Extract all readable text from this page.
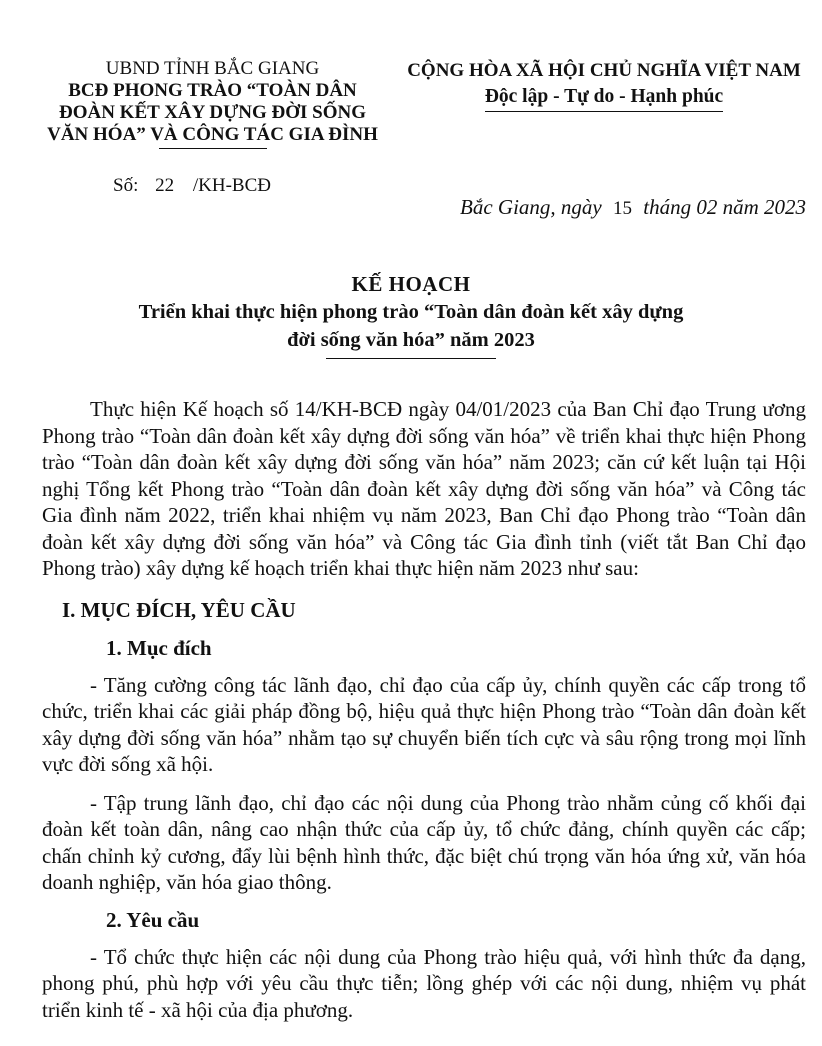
UBND TỈNH BẮC GIANG
BCĐ PHONG TRÀO “TOÀN DÂN ĐOÀN KẾT XÂY DỰNG ĐỜI SỐNG VĂN HÓA” VÀ CÔNG TÁC GIA ĐÌNH
CỘNG HÒA XÃ HỘI CHỦ NGHĨA VIỆT NAM
Độc lập - Tự do - Hạnh phúc
Số: 22 /KH-BCĐ
Bắc Giang, ngày 15 tháng 02 năm 2023
KẾ HOẠCH
Triển khai thực hiện phong trào “Toàn dân đoàn kết xây dựng
đời sống văn hóa” năm 2023

Thực hiện Kế hoạch số 14/KH-BCĐ ngày 04/01/2023 của Ban Chỉ đạo Trung ương Phong trào “Toàn dân đoàn kết xây dựng đời sống văn hóa” về triển khai thực hiện Phong trào “Toàn dân đoàn kết xây dựng đời sống văn hóa” năm 2023; căn cứ kết luận tại Hội nghị Tổng kết Phong trào “Toàn dân đoàn kết xây dựng đời sống văn hóa” và Công tác Gia đình năm 2022, triển khai nhiệm vụ năm 2023, Ban Chỉ đạo Phong trào “Toàn dân đoàn kết xây dựng đời sống văn hóa” và Công tác Gia đình tỉnh (viết tắt Ban Chỉ đạo Phong trào) xây dựng kế hoạch triển khai thực hiện năm 2023 như sau:

I. MỤC ĐÍCH, YÊU CẦU
1. Mục đích

- Tăng cường công tác lãnh đạo, chỉ đạo của cấp ủy, chính quyền các cấp trong tổ chức, triển khai các giải pháp đồng bộ, hiệu quả thực hiện Phong trào “Toàn dân đoàn kết xây dựng đời sống văn hóa” nhằm tạo sự chuyển biến tích cực và sâu rộng trong mọi lĩnh vực đời sống xã hội.

- Tập trung lãnh đạo, chỉ đạo các nội dung của Phong trào nhằm củng cố khối đại đoàn kết toàn dân, nâng cao nhận thức của cấp ủy, tổ chức đảng, chính quyền các cấp; chấn chỉnh kỷ cương, đẩy lùi bệnh hình thức, đặc biệt chú trọng văn hóa ứng xử, văn hóa doanh nghiệp, văn hóa giao thông.

2. Yêu cầu

- Tổ chức thực hiện các nội dung của Phong trào hiệu quả, với hình thức đa dạng, phong phú, phù hợp với yêu cầu thực tiễn; lồng ghép với các nội dung, nhiệm vụ phát triển kinh tế - xã hội của địa phương.
